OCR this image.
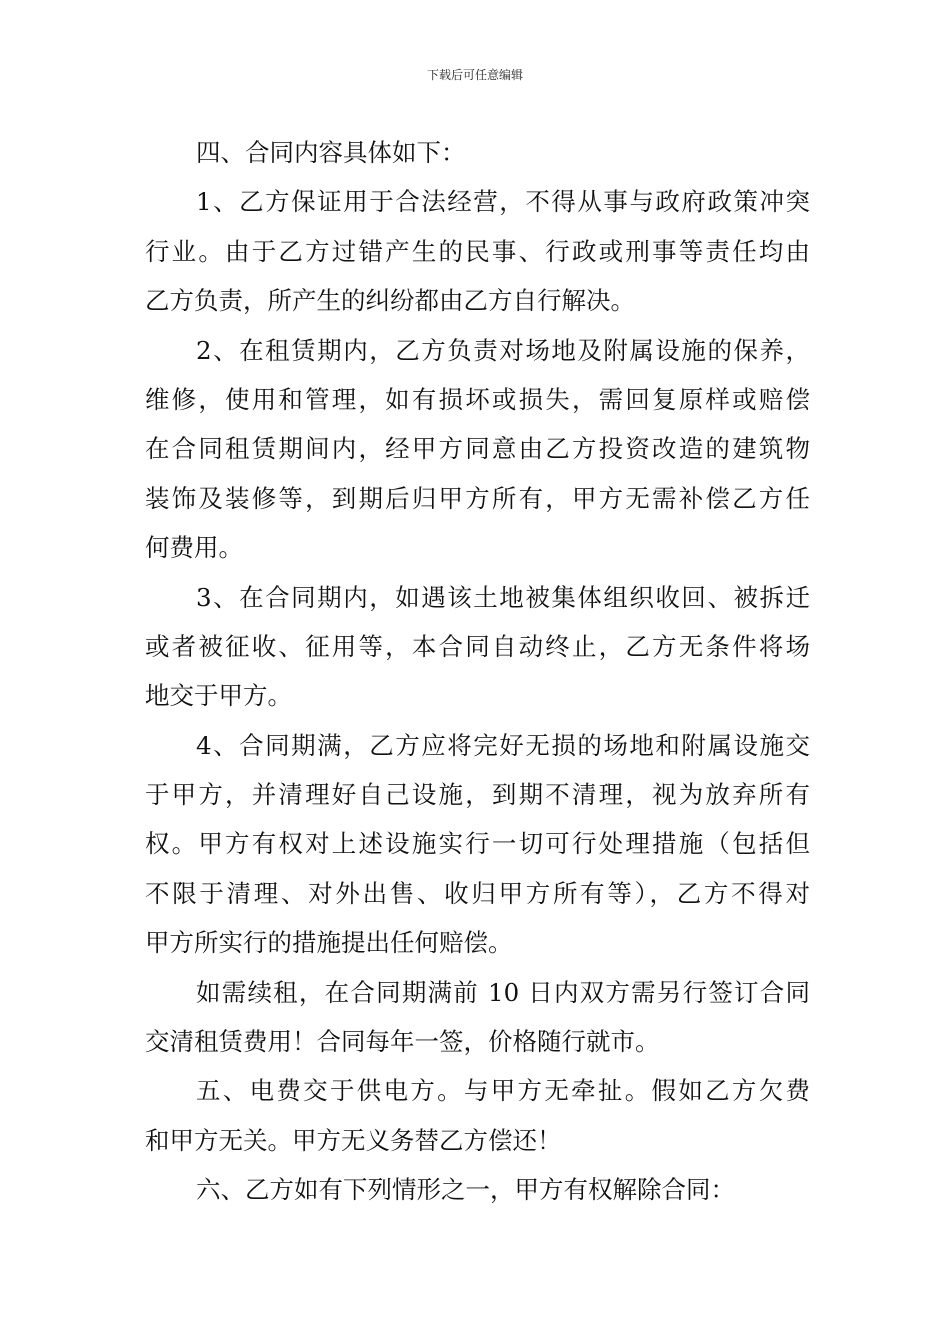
下载后可任意编辑
四、合同内容具体如下：
1、乙方保证用于合法经营，不得从事与政府政策冲突
行业。由于乙方过错产生的民事、行政或刑事等责任均由
乙方负责，所产生的纠纷都由乙方自行解决。
2、在租赁期内，乙方负责对场地及附属设施的保养，
维修，使用和管理，如有损坏或损失，需回复原样或赔偿
在合同租赁期间内，经甲方同意由乙方投资改造的建筑物
装饰及装修等，到期后归甲方所有，甲方无需补偿乙方任
何费用。
3、在合同期内，如遇该土地被集体组织收回、被拆迁
或者被征收、征用等，本合同自动终止，乙方无条件将场
地交于甲方。
4、合同期满，乙方应将完好无损的场地和附属设施交
于甲方，并清理好自己设施，到期不清理，视为放弃所有
权。甲方有权对上述设施实行一切可行处理措施（包括但
不限于清理、对外出售、收归甲方所有等），乙方不得对
甲方所实行的措施提出任何赔偿。
如需续租，在合同期满前 10 日内双方需另行签订合同
交清租赁费用！合同每年一签，价格随行就市。
五、电费交于供电方。与甲方无牵扯。假如乙方欠费
和甲方无关。甲方无义务替乙方偿还！
六、乙方如有下列情形之一，甲方有权解除合同：
